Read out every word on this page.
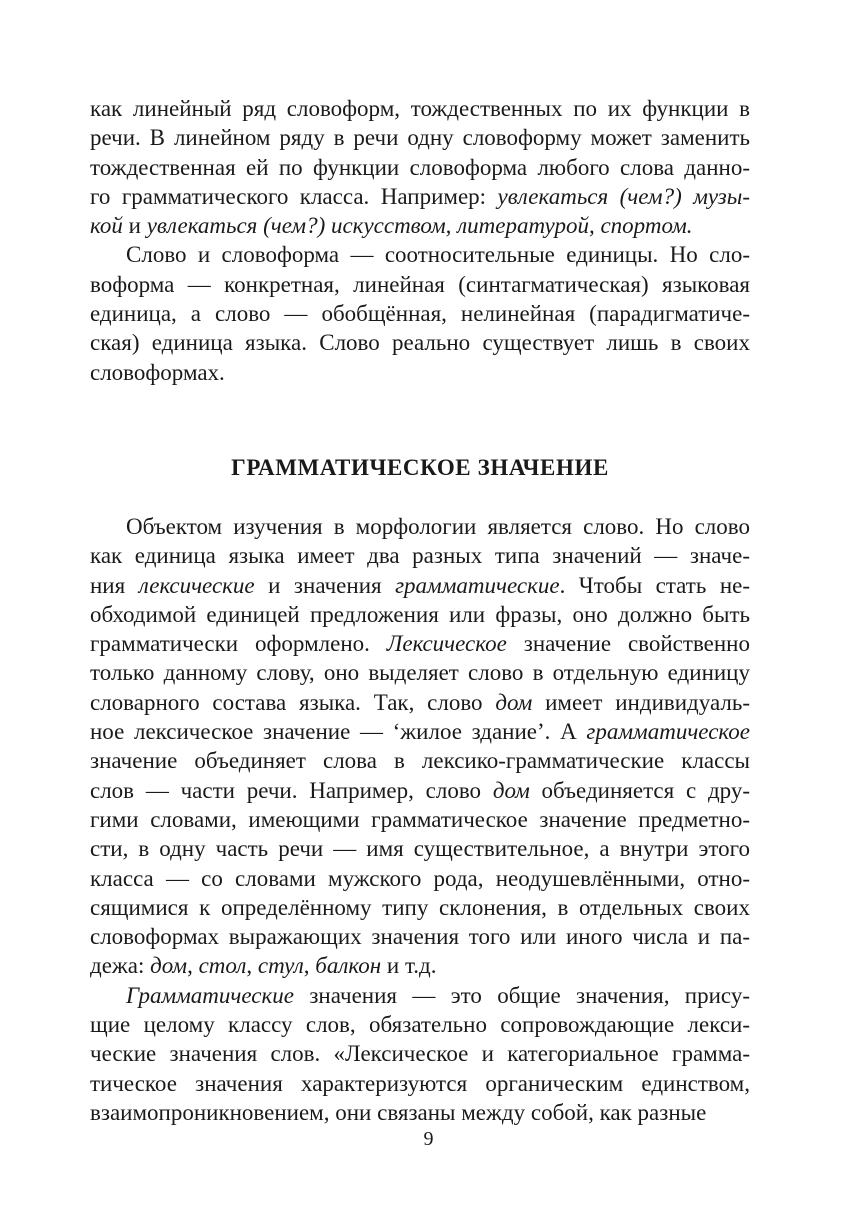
как линейный ряд словоформ, тождественных по их функции в
речи. В линейном ряду в речи одну словоформу может заменить
тождественная ей по функции словоформа любого слова данно-
го грамматического класса. Например: увлекаться (чем?) музы-
кой и увлекаться (чем?) искусством, литературой, спортом.
Слово и словоформа — соотносительные единицы. Но сло-
воформа — конкретная, линейная (синтагматическая) языковая
единица, а слово — обобщённая, нелинейная (парадигматиче-
ская) единица языка. Слово реально существует лишь в своих
словоформах.
ГРАММАТИЧЕСКОЕ ЗНАЧЕНИЕ
Объектом изучения в морфологии является слово. Но слово
как единица языка имеет два разных типа значений — значе-
ния лексические и значения грамматические. Чтобы стать не-
обходимой единицей предложения или фразы, оно должно быть
грамматически оформлено. Лексическое значение свойственно
только данному слову, оно выделяет слово в отдельную единицу
словарного состава языка. Так, слово дом имеет индивидуаль-
ное лексическое значение — ‘жилое здание’. А грамматическое
значение объединяет слова в лексико-грамматические классы
слов — части речи. Например, слово дом объединяется с дру-
гими словами, имеющими грамматическое значение предметно-
сти, в одну часть речи — имя существительное, а внутри этого
класса — со словами мужского рода, неодушевлёнными, отно-
сящимися к определённому типу склонения, в отдельных своих
словоформах выражающих значения того или иного числа и па-
дежа: дом, стол, стул, балкон и т.д.
Грамматические значения — это общие значения, прису-
щие целому классу слов, обязательно сопровождающие лекси-
ческие значения слов. «Лексическое и категориальное грамма-
тическое значения характеризуются органическим единством,
взаимопроникновением, они связаны между собой, как разные
9
